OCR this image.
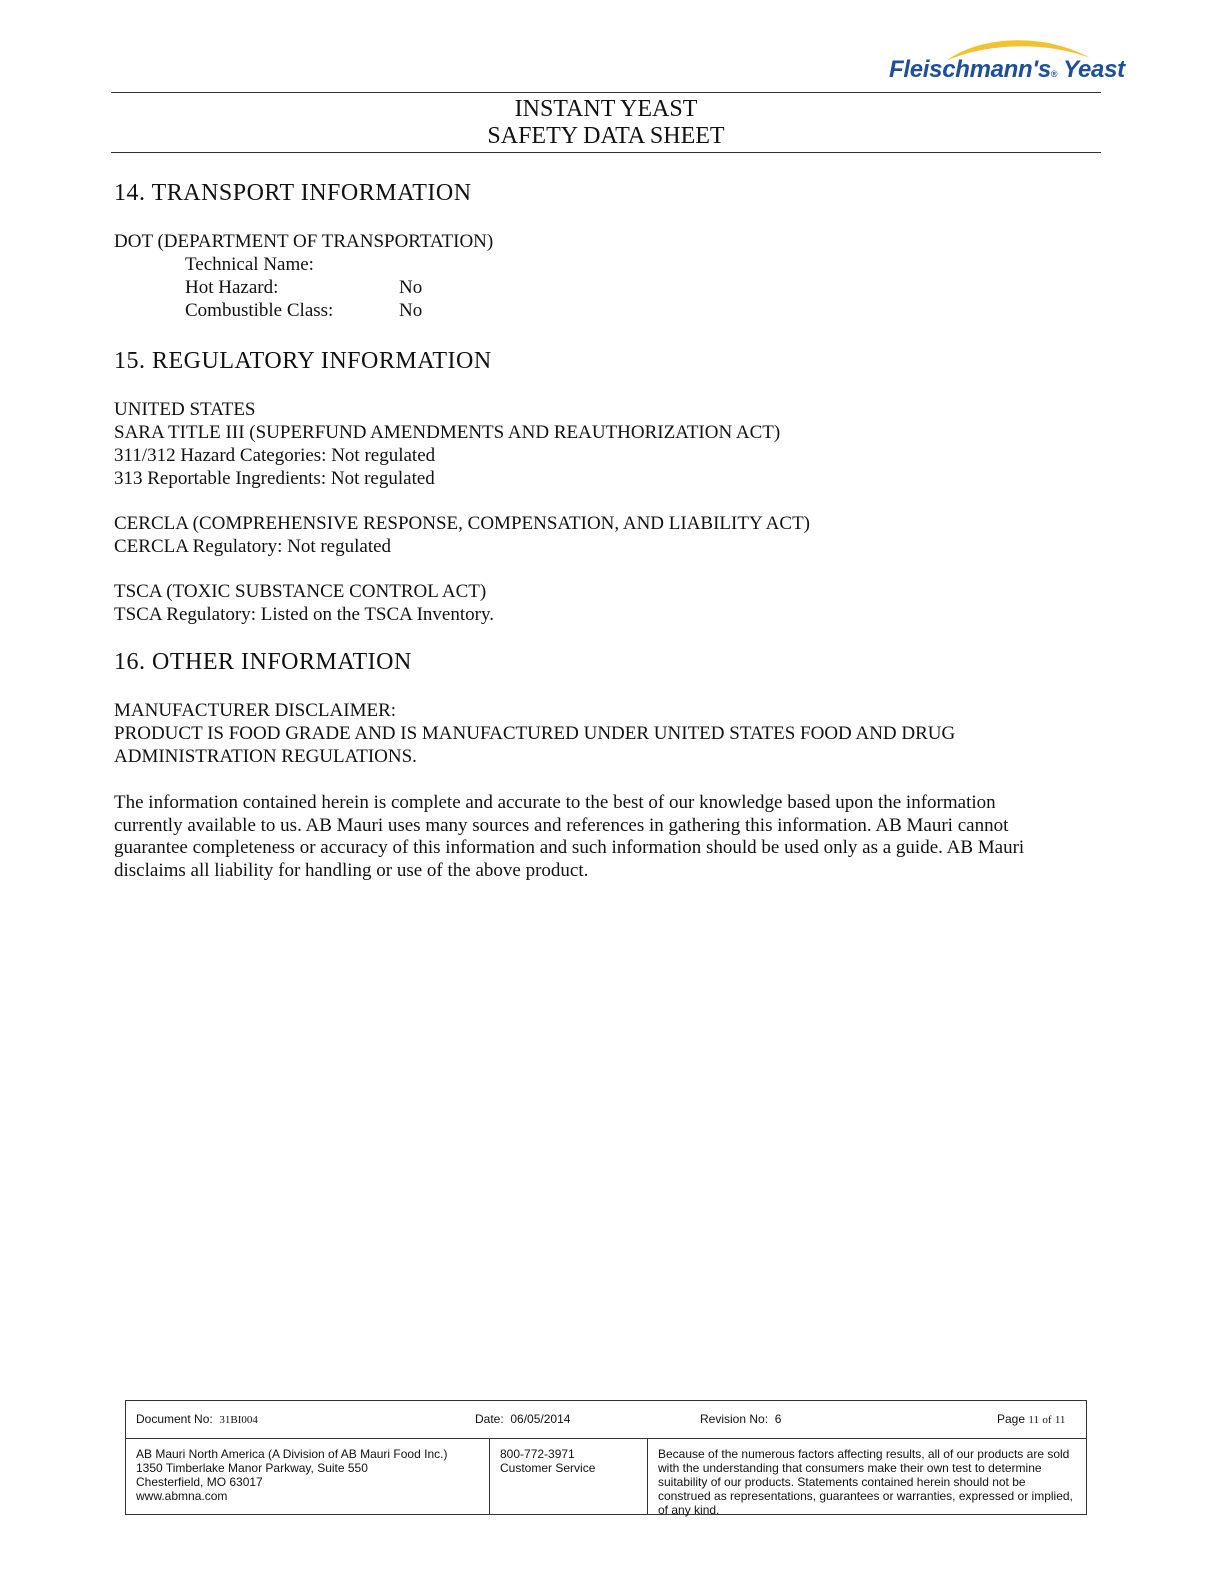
Fleischmann's® Yeast
INSTANT YEAST
SAFETY DATA SHEET
14. TRANSPORT INFORMATION
DOT (DEPARTMENT OF TRANSPORTATION)
Technical Name:
Hot Hazard:	No
Combustible Class:	No
15. REGULATORY INFORMATION
UNITED STATES
SARA TITLE III (SUPERFUND AMENDMENTS AND REAUTHORIZATION ACT)
311/312 Hazard Categories: Not regulated
313 Reportable Ingredients: Not regulated
CERCLA (COMPREHENSIVE RESPONSE, COMPENSATION, AND LIABILITY ACT)
CERCLA Regulatory: Not regulated
TSCA (TOXIC SUBSTANCE CONTROL ACT)
TSCA Regulatory: Listed on the TSCA Inventory.
16. OTHER INFORMATION
MANUFACTURER DISCLAIMER:
PRODUCT IS FOOD GRADE AND IS MANUFACTURED UNDER UNITED STATES FOOD AND DRUG
ADMINISTRATION REGULATIONS.
The information contained herein is complete and accurate to the best of our knowledge based upon the information
currently available to us. AB Mauri uses many sources and references in gathering this information. AB Mauri cannot
guarantee completeness or accuracy of this information and such information should be used only as a guide. AB Mauri
disclaims all liability for handling or use of the above product.
Document No: 31BI004	Date: 06/05/2014	Revision No: 6	Page 11 of 11
AB Mauri North America (A Division of AB Mauri Food Inc.)
1350 Timberlake Manor Parkway, Suite 550
Chesterfield, MO 63017
www.abmna.com
800-772-3971
Customer Service
Because of the numerous factors affecting results, all of our products are sold
with the understanding that consumers make their own test to determine
suitability of our products. Statements contained herein should not be
construed as representations, guarantees or warranties, expressed or implied,
of any kind.
